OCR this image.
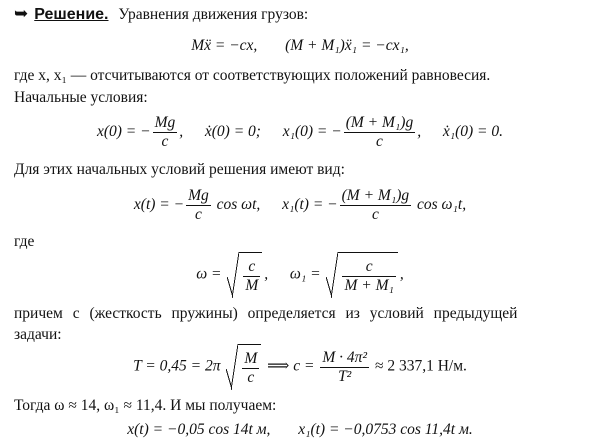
➥ Решение. Уравнения движения грузов:
Mẍ = −cx, (M + M₁)ẍ₁ = −cx₁,
где x, x₁ — отсчитываются от соответствующих положений равновесия.
Начальные условия:
x(0) = − $\frac{Mg}{c}$ ,  ẋ(0) = 0; x₁(0) = − $\frac{\text{(M + M₁)g}}{c}$ ,  ẋ₁(0) = 0.
Для этих начальных условий решения имеют вид:
x(t) = − $\frac{Mg}{c}$ cos ωt, x₁(t) = − $\frac{\text{(M + M₁)g}}{c}$ cos ω₁t,
где
$\omega = \frac{c}{M}$ ,  $\omega_1 = \frac{c}{\text{M + M₁}}$ ,
причем c (жесткость пружины) определяется из условий предыдущей
задачи:
$T = 0,45 = 2\pi \frac{M}{c}$ ⟹ $c = \frac{\text{M · 4π²}}{\text{T²}} \approx 2$ 337,1 Н/м.
Тогда ω ≈ 14, ω₁ ≈ 11,4. И мы получаем:
x(t) = −0,05 cos 14t м, x₁(t) = −0,0753 cos 11,4t м.
